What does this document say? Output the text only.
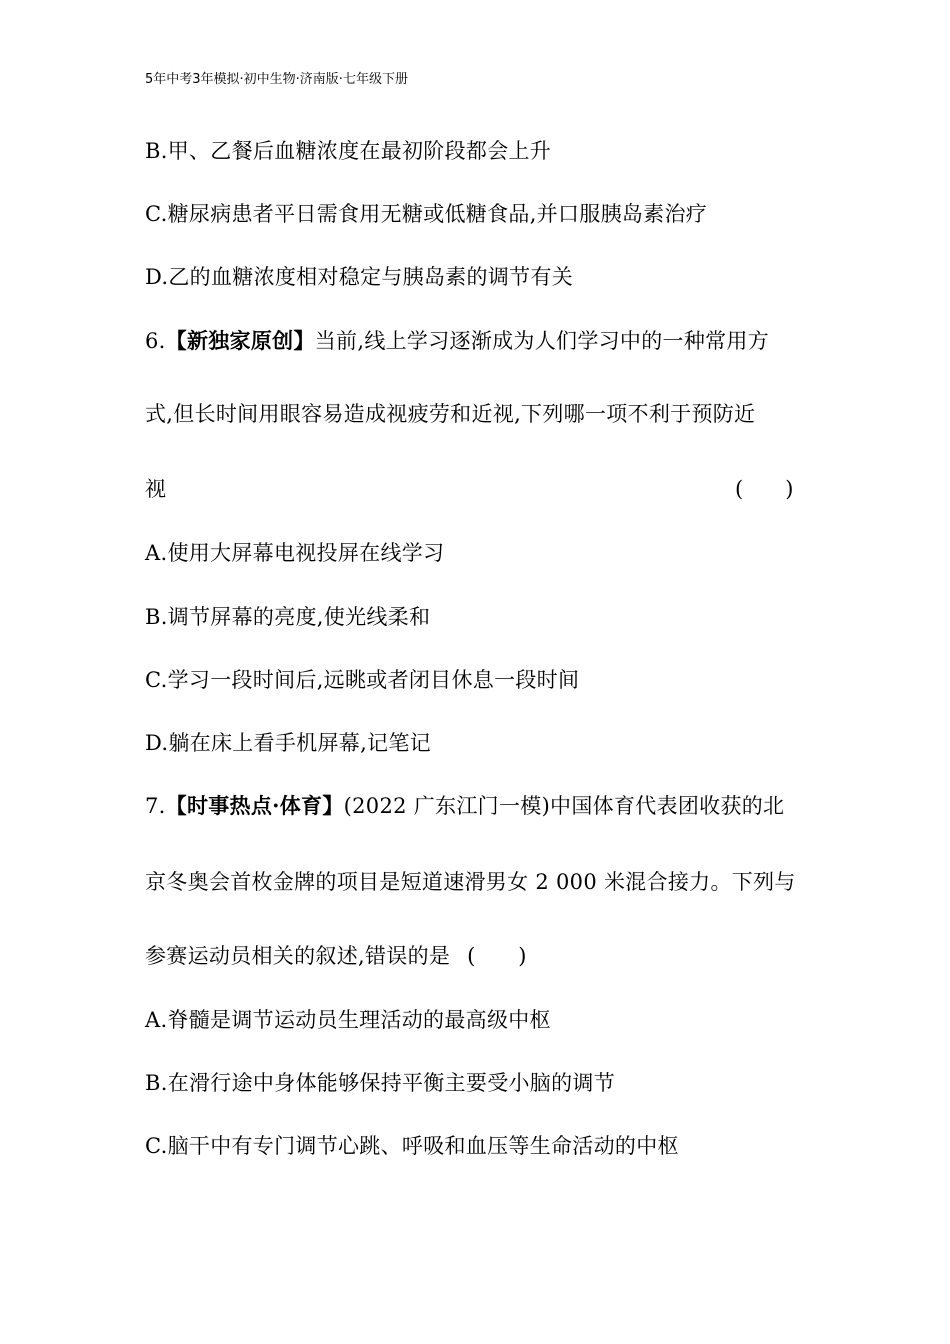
5年中考3年模拟·初中生物·济南版·七年级下册
B.甲、乙餐后血糖浓度在最初阶段都会上升
C.糖尿病患者平日需食用无糖或低糖食品,并口服胰岛素治疗
D.乙的血糖浓度相对稳定与胰岛素的调节有关
6.【新独家原创】当前,线上学习逐渐成为人们学习中的一种常用方
式,但长时间用眼容易造成视疲劳和近视,下列哪一项不利于预防近
视	(　　)
A.使用大屏幕电视投屏在线学习
B.调节屏幕的亮度,使光线柔和
C.学习一段时间后,远眺或者闭目休息一段时间
D.躺在床上看手机屏幕,记笔记
7.【时事热点·体育】(2022 广东江门一模)中国体育代表团收获的北
京冬奥会首枚金牌的项目是短道速滑男女 2 000 米混合接力。下列与
参赛运动员相关的叙述,错误的是 (　　)
A.脊髓是调节运动员生理活动的最高级中枢
B.在滑行途中身体能够保持平衡主要受小脑的调节
C.脑干中有专门调节心跳、呼吸和血压等生命活动的中枢
